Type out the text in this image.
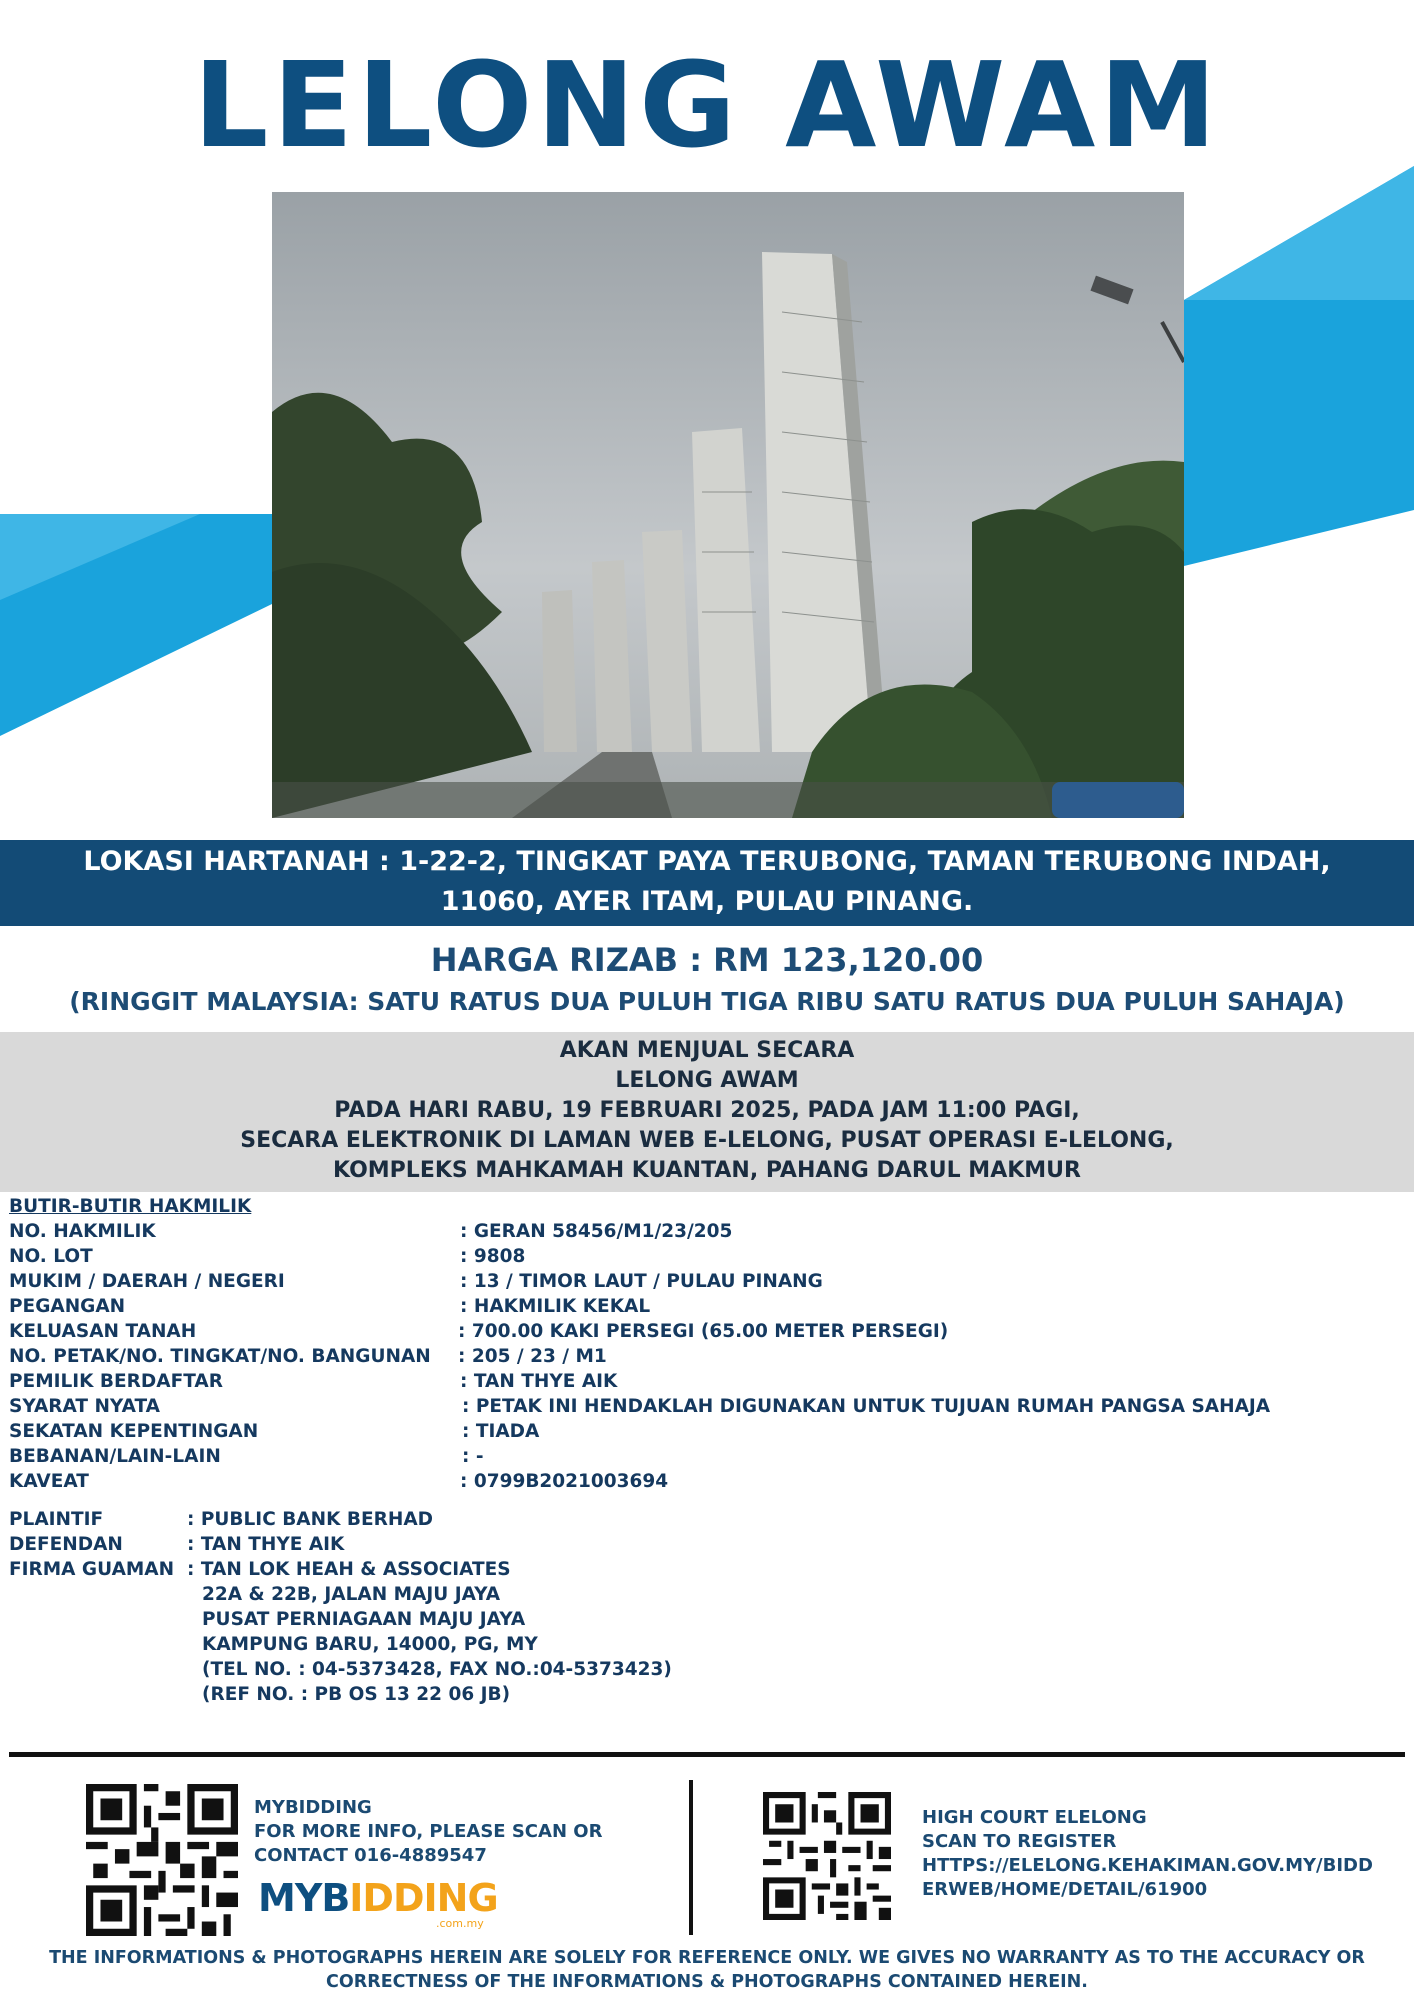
LELONG AWAM
LOKASI HARTANAH : 1-22-2, TINGKAT PAYA TERUBONG, TAMAN TERUBONG INDAH,
11060, AYER ITAM, PULAU PINANG.
HARGA RIZAB : RM 123,120.00
(RINGGIT MALAYSIA: SATU RATUS DUA PULUH TIGA RIBU SATU RATUS DUA PULUH SAHAJA)
AKAN MENJUAL SECARA
LELONG AWAM
PADA HARI RABU, 19 FEBRUARI 2025, PADA JAM 11:00 PAGI,
SECARA ELEKTRONIK DI LAMAN WEB E-LELONG, PUSAT OPERASI E-LELONG,
KOMPLEKS MAHKAMAH KUANTAN, PAHANG DARUL MAKMUR
BUTIR-BUTIR HAKMILIK
NO. HAKMILIK	: GERAN 58456/M1/23/205
NO. LOT	: 9808
MUKIM / DAERAH / NEGERI	: 13 / TIMOR LAUT / PULAU PINANG
PEGANGAN	: HAKMILIK KEKAL
KELUASAN TANAH	: 700.00 KAKI PERSEGI (65.00 METER PERSEGI)
NO. PETAK/NO. TINGKAT/NO. BANGUNAN : 205 / 23 / M1
PEMILIK BERDAFTAR	: TAN THYE AIK
SYARAT NYATA	: PETAK INI HENDAKLAH DIGUNAKAN UNTUK TUJUAN RUMAH PANGSA SAHAJA
SEKATAN KEPENTINGAN	: TIADA
BEBANAN/LAIN-LAIN	: -
KAVEAT	: 0799B2021003694
PLAINTIF	: PUBLIC BANK BERHAD
DEFENDAN	: TAN THYE AIK
FIRMA GUAMAN : TAN LOK HEAH & ASSOCIATES
22A & 22B, JALAN MAJU JAYA
PUSAT PERNIAGAAN MAJU JAYA
KAMPUNG BARU, 14000, PG, MY
(TEL NO. : 04-5373428, FAX NO.:04-5373423)
(REF NO. : PB OS 13 22 06 JB)
MYBIDDING
FOR MORE INFO, PLEASE SCAN OR
CONTACT 016-4889547
MYBIDDING
.com.my
HIGH COURT ELELONG
SCAN TO REGISTER
HTTPS://ELELONG.KEHAKIMAN.GOV.MY/BIDD
ERWEB/HOME/DETAIL/61900
THE INFORMATIONS & PHOTOGRAPHS HEREIN ARE SOLELY FOR REFERENCE ONLY. WE GIVES NO WARRANTY AS TO THE ACCURACY OR
CORRECTNESS OF THE INFORMATIONS & PHOTOGRAPHS CONTAINED HEREIN.
